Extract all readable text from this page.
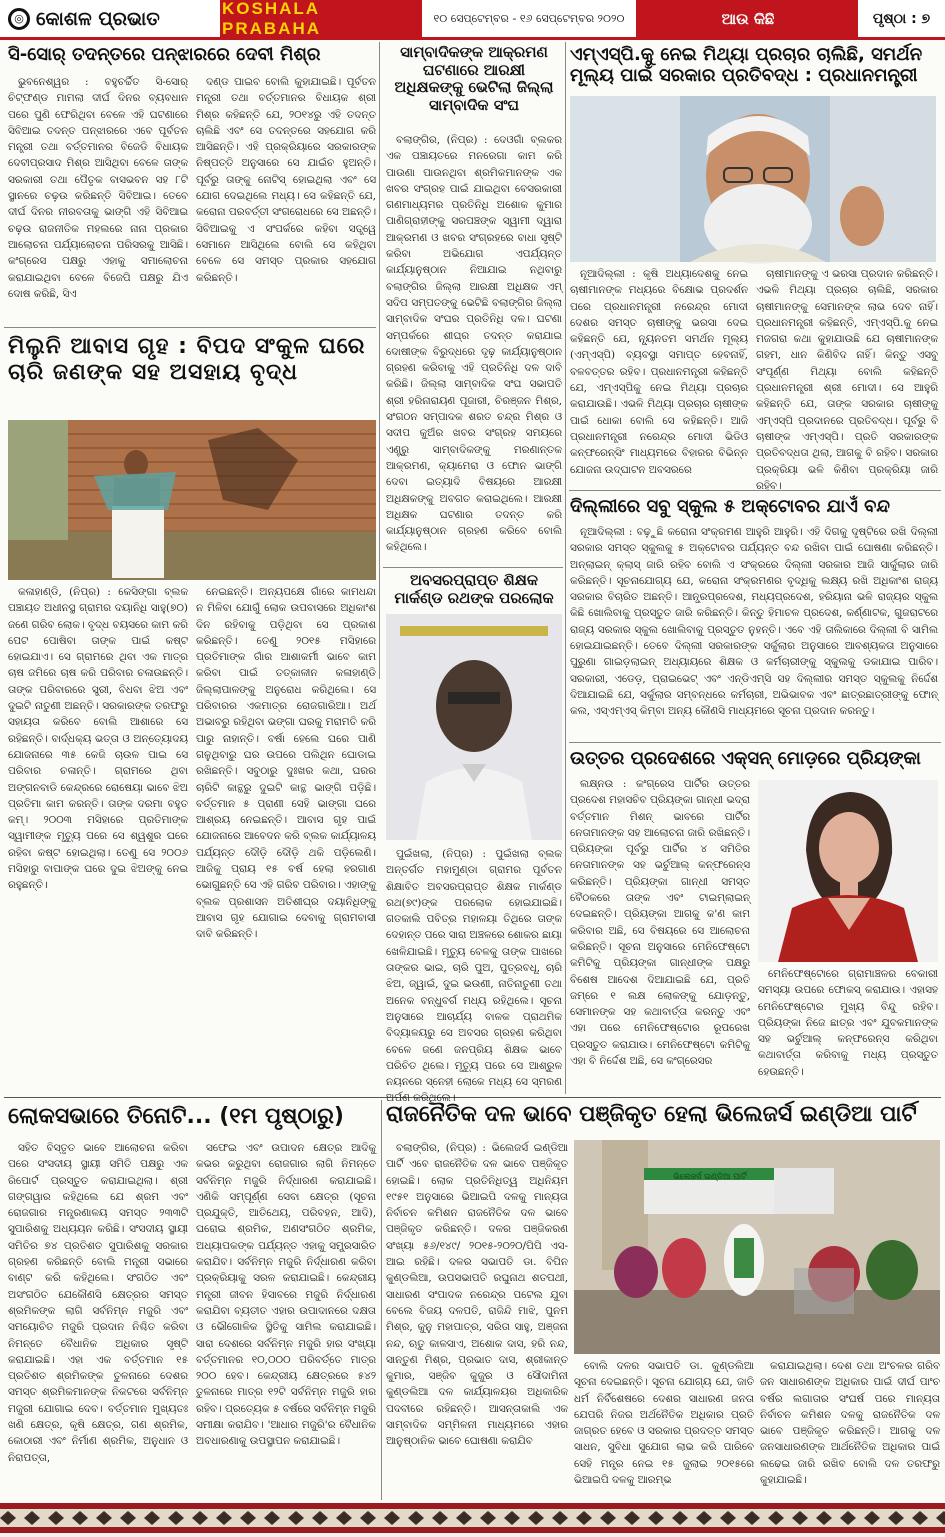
◎ କୋଶଳ ପ୍ରଭାତ	KOSHALA PRABAHA
୧୦ ସେପ୍ଟେମ୍ବର - ୧୬ ସେପ୍ଟେମ୍ବର ୨୦୨୦	ଆଉ କିଛି	ପୃଷ୍ଠା : ୭
ସି-ସୋର୍ ତଦନ୍ତରେ ପନ୍ଝାରରେ ଦେବୀ ମିଶ୍ର

ଭୁବନେଶ୍ୱର : ବହୁଚର୍ଚ୍ଚିତ ସି-ସୋର୍ ଚିଟ୍‌ଫଣ୍ଡ ମାମଲା ଦୀର୍ଘ ଦିନର ବ୍ୟବଧାନ ପରେ ପୁଣି ଫେରିଥିବା ବେଳେ ଏହି ଘଟଣାରେ ସିବିଆଇ ତଦନ୍ତ ପନ୍ଝାରରେ ଏବେ ପୂର୍ବତନ ମନ୍ତ୍ରୀ ତଥା ବର୍ତ୍ତମାନର ବିଜେଡି ବିଧାୟକ ଦେବୀପ୍ରସାଦ ମିଶ୍ର ଆସିଥିବା ବେଳେ ତାଙ୍କ ସରକାରୀ ତଥା ପୈତୃକ ବାସଭବନ ସହ ୮ଟି ସ୍ଥାନରେ ଚଢ଼ଉ କରିଛନ୍ତି ସିବିଆଇ। ତେବେ ଦୀର୍ଘ ଦିନର ନୀରବତାକୁ ଭାଙ୍ଗି ଏହି ସିବିଆଇ ଚଢ଼ଉ ରାଜନୀତିକ ମହଲରେ ନାନା ପ୍ରକାର ଆଲୋଚନା ପର୍ଯ୍ୟାଲୋଚନା ପରିସରକୁ ଆସିଛି। କଂଗ୍ରେସ ପକ୍ଷରୁ ଏହାକୁ ସମାଲୋଚନା କରାଯାଇଥିବା ବେଳେ ବିଜେପି ପକ୍ଷରୁ ଯିଏ ଦୋଷ କରିଛି, ସିଏ

ଦଣ୍ଡ ପାଇବ ବୋଲି କୁହାଯାଇଛି। ପୂର୍ବତନ ମନ୍ତ୍ରୀ ତଥା ବର୍ତ୍ତମାନର ବିଧାୟକ ଶ୍ରୀ ମିଶ୍ର କହିଛନ୍ତି ଯେ, ୨୦୧୪ରୁ ଏହି ତଦନ୍ତ ଚାଲିଛି ଏବଂ ସେ ତଦନ୍ତରେ ସହଯୋଗ କରି ଆସିଛନ୍ତି। ଏହି ପ୍ରକ୍ରିୟାରେ ସରକାରଙ୍କ ନିଷ୍ପତ୍ତି ଅନୁସାରେ ସେ ଯାଇଁଚ ହୁଅନ୍ତି। ପୂର୍ବରୁ ତାଙ୍କୁ ନୋଟିସ୍ ହୋଇଥିଲା ଏବଂ ସେ ଯୋଗ ଦେଇଥିଲେ ମଧ୍ୟ। ସେ କହିଛନ୍ତି ଯେ, କରୋନା ପରବର୍ତ୍ତୀ ସଂଗରୋଧରେ ସେ ଅଛନ୍ତି। ସିବିଆଇକୁ ଏ ସଂପର୍କରେ କହିବା ସତ୍ତ୍ୱେ ସେମାନେ ଆସିଥିଲେ ବୋଲି ସେ କହିଥିବା ବେଳେ ସେ ସମସ୍ତ ପ୍ରକାର ସହଯୋଗ କରିଛନ୍ତି।

ମିଲୁନି ଆବାସ ଗୃହ : ବିପଦ ସଂକୁଳ ଘରେ ଚାରି ଜଣଙ୍କ ସହ ଅସହାୟ ବୃଦ୍ଧ

କଳାହାଣ୍ଡି, (ନିପ୍ର) : କେସିଙ୍ଗା ବ୍ଲକ ପଞ୍ଚାୟତ ଅଧୀନସ୍ଥ ଗ୍ରାମର ଦୟାନିଧି ସାହୁ(୭୦) ଜଣେ ଗରିବ ଲୋକ। ବୃଦ୍ଧ ବୟସରେ କାମ କରି ପେଟ ପୋଷିବା ତାଙ୍କ ପାଇଁ କଷ୍ଟ ହୋଇଯାଏ। ସେ ଗ୍ରାମରେ ଥିବା ଏକ ମାତ୍ର ଚାଷ ଜମିରେ ଚାଷ କରି ପରିବାର ଚଳାଉଛନ୍ତି। ତାଙ୍କ ପରିବାରରେ ସ୍ତ୍ରୀ, ବିଧବା ଝିଅ ଏବଂ ଦୁଇଟି ନାତୁଣୀ ଅଛନ୍ତି। ସରକାରଙ୍କ ତରଫରୁ ସହାୟତା କରିବେ ବୋଲି ଆଶାରେ ସେ ରହିଛନ୍ତି। ବାର୍ଦ୍ଧକ୍ୟ ଭତ୍ତା ଓ ଅନ୍ତ୍ୟୋଦୟ ଯୋଜନାରେ ୩୫ କେଜି ଚାଉଳ ପାଇ ସେ ପରିବାର ଚଳାନ୍ତି। ଗ୍ରାମରେ ଥିବା ଅଙ୍ଗନବାଡି କେନ୍ଦ୍ରରେ ରୋଷେୟା ଭାବେ ଝିଅ ପ୍ରତିମା କାମ କରନ୍ତି। ତାଙ୍କ ଦରମା ବହୁତ କମ୍। ୨୦୦୩ ମସିହାରେ ପ୍ରତିମାଙ୍କ ସ୍ୱାମୀଙ୍କ ମୃତ୍ୟୁ ପରେ ସେ ଶ୍ୱଶୁର ଘରେ ରହିବା କଷ୍ଟ ହୋଇଥିଲା। ତେଣୁ ସେ ୨୦୦୬ ମସିହାରୁ ବାପାଙ୍କ ଘରେ ଦୁଇ ଝିଅଙ୍କୁ ନେଇ ରହୁଛନ୍ତି।

ନେଇଛନ୍ତି। ଅନ୍ୟପକ୍ଷେ ଗାଁରେ କାମଧନ୍ଦା ନ ମିଳିବା ଯୋଗୁଁ ଲୋକ ଉପବାସରେ ଅଧିକାଂଶ ଦିନ ରହିବାକୁ ପଡ଼ିଥିବା ସେ ପ୍ରକାଶ କରିଛନ୍ତି। ତେଣୁ ୨୦୧୫ ମସିହାରେ ପ୍ରତିମାଙ୍କ ଗାଁର ଆଶାକର୍ମୀ ଭାବେ କାମ କରିବା ପାଇଁ ତତ୍କାଳୀନ କଳାହାଣ୍ଡି ଜିଲ୍ଲାପାଳଙ୍କୁ ଅନୁରୋଧ କରିଥିଲେ। ସେ ପରିବାରର ଏକମାତ୍ର ରୋଜଗାରିଆ। ଅର୍ଥ ଅଭାବରୁ ରହିଥିବା ଭଙ୍ଗା ଘରକୁ ମରାମତି କରି ପାରୁ ନାହାନ୍ତି। ବର୍ଷା ହେଲେ ଘରେ ପାଣି ଗଳୁଥିବାରୁ ଘର ଉପରେ ପଲିଥିନ ଘୋଡାଇ ରଖିଛନ୍ତି। ସବୁଠାରୁ ଦୁଃଖର କଥା, ଘରର ଚାରିଟି କାନ୍ଥରୁ ଦୁଇଟି କାନ୍ଥ ଭାଙ୍ଗି ପଡ଼ିଛି। ବର୍ତ୍ତମାନ ୫ ପ୍ରାଣୀ ସେହି ଭାଙ୍ଗା ଘରେ ଆଶ୍ରୟ ନେଇଛନ୍ତି। ଆବାସ ଗୃହ ପାଇଁ ଯୋଜନାରେ ଆବେଦନ କରି ବ୍ଲକ କାର୍ଯ୍ୟାଳୟ ପର୍ଯ୍ୟନ୍ତ ଦୌଡ଼ି ଦୌଡ଼ି ଥକି ପଡ଼ିଲେଣି। ଆଜିକୁ ପ୍ରାୟ ୧୫ ବର୍ଷ ହେଲା ହରଗାଣ ଭୋଗୁଛନ୍ତି ସେ ଏହି ଗରିବ ପରିବାର। ଏହାଙ୍କୁ ବ୍ଲକ ପ୍ରଶାସନ ଅତିଶୀଘ୍ର ଦୟାନିଧିଙ୍କୁ ଆବାସ ଗୃହ ଯୋଗାଇ ଦେବାକୁ ଗ୍ରାମବାସୀ ଦାବି କରିଛନ୍ତି।

ସାମ୍ବାଦିକଙ୍କ ଆକ୍ରମଣ ଘଟଣାରେ ଆରକ୍ଷୀ ଅଧିକ୍ଷକଙ୍କୁ ଭେଟିଲା ଜିଲ୍ଲା ସାମ୍ବାଦିକ ସଂଘ

ବଲାଙ୍ଗିର, (ନିପ୍ର) : ଦେଓଗାଁ ବ୍ଲକର ଏକ ପଞ୍ଚାୟତରେ ମନରେଗା କାମ କରି ପାଉଣା ପାଉନଥିବା ଶ୍ରମିକମାନଙ୍କ ଏକ ଖବର ସଂଗ୍ରହ ପାଇଁ ଯାଇଥିବା ବେସରକାରୀ ଗଣମାଧ୍ୟମର ପ୍ରତିନିଧି ଅଶୋକ କୁମାର ପାଣିଗ୍ରାହୀଙ୍କୁ ସରପଞ୍ଚଙ୍କ ସ୍ୱାମୀ ଦ୍ୱାରା ଆକ୍ରମଣ ଓ ଖବର ସଂଗ୍ରହରେ ବାଧା ସୃଷ୍ଟି କରିବା ଅଭିଯୋଗ ଏପର୍ଯ୍ୟନ୍ତ କାର୍ଯ୍ୟାନୁଷ୍ଠାନ ନିଆଯାଇ ନଥିବାରୁ ବଲାଙ୍ଗିର ଜିଲ୍ଲା ଆରକ୍ଷୀ ଅଧିକ୍ଷକ ଏମ୍ ସଦିପ ସମ୍ପତଙ୍କୁ ଭେଟିଛି ବଲାଙ୍ଗିର ଜିଲ୍ଲା ସାମ୍ବାଦିକ ସଂଘର ପ୍ରତିନିଧି ଦଳ। ଘଟଣା ସମ୍ପର୍କରେ ଶୀଘ୍ର ତଦନ୍ତ କରାଯାଇ ଦୋଷୀଙ୍କ ବିରୁଦ୍ଧରେ ଦୃଢ଼ କାର୍ଯ୍ୟାନୁଷ୍ଠାନ ଗ୍ରହଣ କରିବାକୁ ଏହି ପ୍ରତିନିଧି ଦଳ ଦାବି କରିଛି। ଜିଲ୍ଲା ସାମ୍ବାଦିକ ସଂଘ ସଭାପତି ଶ୍ରୀ ହରିନାରାୟଣ ପୂଜାରୀ, ଚିରଞ୍ଜନ ମିଶ୍ର, ସଂଗଠନ ସମ୍ପାଦକ ଶରତ ଚନ୍ଦ୍ର ମିଶ୍ର ଓ ସଦୀପ କୁଅଁର ଖବର ସଂଗ୍ରହ ସମୟରେ ଏଣ୍ଟ୍ରୁ ସାମ୍ବାଦିକଙ୍କୁ ମରଣାନ୍ତକ ଆକ୍ରମଣ, କ୍ୟାମେରା ଓ ଫୋନ ଭାଙ୍ଗି ଦେବା ଇତ୍ୟାଦି ବିଷୟରେ ଆରକ୍ଷୀ ଅଧିକ୍ଷକଙ୍କୁ ଅବଗତ କରାଇଥିଲେ। ଆରକ୍ଷୀ ଅଧିକ୍ଷକ ଘଟଣାର ତଦନ୍ତ କରି କାର୍ଯ୍ୟାନୁଷ୍ଠାନ ଗ୍ରହଣ କରିବେ ବୋଲି କହିଥିଲେ।

ଅବସରପ୍ରାପ୍ତ ଶିକ୍ଷକ ମାର୍କଣ୍ଡ ରଥଙ୍କ ପରଲୋକ

ପୁଇଁଖଲା, (ନିପ୍ର) : ପୁଇଁଖଲା ବ୍ଲକ ଅନ୍ତର୍ଗତ ମହାମୁଣ୍ଡା ଗ୍ରାମର ପୂର୍ବତନ ଶିକ୍ଷାବିତ ଅବସରପ୍ରାପ୍ତ ଶିକ୍ଷକ ମାର୍କଣ୍ଡ ରଥ(୭୯)ଙ୍କ ପରଲୋକ ହୋଇଯାଇଛି। ଗତକାଲି ପବିତ୍ର ମହାଳୟା ତିଥିରେ ତାଙ୍କ ଦେହାନ୍ତ ପରେ ସାରା ଅଞ୍ଚଳରେ ଶୋକର ଛାୟା ଖେଳିଯାଇଛି। ମୃତ୍ୟୁ ବେଳକୁ ତାଙ୍କ ପାଖରେ ତାଙ୍କର ଭାଇ, ଚାରି ପୁଅ, ପୁତ୍ରବଧୂ, ଚାରି ଝିଅ, ଜ୍ୱାଇଁ, ଦୁଇ ଭଉଣୀ, ନାତିନାତୁଣୀ ତଥା ଅନେକ ବନ୍ଧୁବର୍ଗ ମଧ୍ୟ ରହିଥିଲେ। ସୂଚନା ଅନୁସାରେ ଆଚାର୍ଯ୍ୟ ବାଳକ ପ୍ରାଥମିକ ବିଦ୍ୟାଳୟରୁ ସେ ଅବସର ଗ୍ରହଣ କରିଥିବା ବେଳେ ଜଣେ ଜନପ୍ରିୟ ଶିକ୍ଷକ ଭାବେ ପରିଚିତ ଥିଲେ। ମୃତ୍ୟୁ ପରେ ସେ ଆଶ୍ରୁଳ ନୟନରେ ସ୍ନେହୀ ଲୋକେ ମଧ୍ୟ ସେ ସ୍ମରଣ ଅର୍ପଣ କରିଥିଲେ।

ଏମ୍‌ଏସ୍‌ପି.କୁ ନେଇ ମିଥ୍ୟା ପ୍ରଚାର ଚାଲିଛି, ସମର୍ଥନ ମୂଲ୍ୟ ପାଇଁ ସରକାର ପ୍ରତିବଦ୍ଧ : ପ୍ରଧାନମନ୍ତ୍ରୀ

ନୂଆଦିଲ୍ଲୀ : କୃଷି ଅଧ୍ୟାଦେଶକୁ ନେଇ ଚାଷୀମାନଙ୍କ ମଧ୍ୟରେ ବିକ୍ଷୋଭ ପ୍ରଦର୍ଶନ ପରେ ପ୍ରଧାନମନ୍ତ୍ରୀ ନରେନ୍ଦ୍ର ମୋଦୀ ଦେଶର ସମସ୍ତ ଚାଷୀଙ୍କୁ ଭରସା ଦେଇ କହିଛନ୍ତି ଯେ, ନ୍ୟୂନତମ ସମର୍ଥନ ମୂଲ୍ୟ (ଏମ୍‌ଏସ୍‌ପି) ବ୍ୟବସ୍ଥା ସମାପ୍ତ ହେବନାହିଁ, ବଳବତ୍ତର ରହିବ। ପ୍ରଧାନମନ୍ତ୍ରୀ କହିଛନ୍ତି ଯେ, ଏମ୍‌ଏସ୍‌ପିକୁ ନେଇ ମିଥ୍ୟା ପ୍ରଚାର କରାଯାଉଛି। ଏଭଳି ମିଥ୍ୟା ପ୍ରଚାର ଚାଷୀଙ୍କ ପାଇଁ ଧୋକା ବୋଲି ସେ କହିଛନ୍ତି। ଆଜି ପ୍ରଧାନମନ୍ତ୍ରୀ ନରେନ୍ଦ୍ର ମୋଦୀ ଭିଡିଓ କନ୍‌ଫରେନ୍ସିଂ ମାଧ୍ୟମରେ ବିହାରର ବିଭିନ୍ନ ଯୋଜନା ଉଦ୍‌ଘାଟନ ଅବସରରେ

ଚାଷୀମାନଙ୍କୁ ଏ ଭରସା ପ୍ରଦାନ କରିଛନ୍ତି। ଏଭଳି ମିଥ୍ୟା ପ୍ରଚାର ଚାଲିଛି, ସରକାର ଚାଷୀମାନଙ୍କୁ ସେମାନଙ୍କ ଲାଭ ଦେବ ନାହିଁ। ପ୍ରଧାନମନ୍ତ୍ରୀ କହିଛନ୍ତି, ଏମ୍‌ଏସ୍‌ପି.କୁ ନେଇ ମଜଗରା କଥା କୁହାଯାଉଛି ଯେ ଚାଷୀମାନଙ୍କ ଗହମ, ଧାନ କିଣିବିଦ ନାହିଁ। କିନ୍ତୁ ଏସବୁ ସଂପୂର୍ଣ୍ଣ ମିଥ୍ୟା ବୋଲି କହିଛନ୍ତି ପ୍ରଧାନମନ୍ତ୍ରୀ ଶ୍ରୀ ମୋଦୀ। ସେ ଆହୁରି କହିଛନ୍ତି ଯେ, ତାଙ୍କ ସରକାର ଚାଷୀଙ୍କୁ ଏମ୍‌ଏସ୍‌ପି ପ୍ରଦାନରେ ପ୍ରତିବଦ୍ଧ। ପୂର୍ବରୁ ବି ଚାଷୀଙ୍କ ଏମ୍‌ଏସ୍‌ପି। ପ୍ରତି ସରକାରଙ୍କ ପ୍ରତିବଦ୍ଧତା ଥିଲା, ଆଗକୁ ବି ରହିବ। ସରକାର ପ୍ରକ୍ରିୟା ଭଳି କିଣିବା ପ୍ରକ୍ରିୟା ଜାରି ରହିବ।

ଦିଲ୍ଲୀରେ ସବୁ ସ୍କୁଲ ୫ ଅକ୍ଟୋବର ଯାଏଁ ବନ୍ଦ

ନୂଆଦିଲ୍ଲୀ : ବଢ଼ୁଛି କରୋନା ସଂକ୍ରମଣ ଆହୁରି ଆହୁରି। ଏହି ଦିଗକୁ ଦୃଷ୍ଟିରେ ରଖି ଦିଲ୍ଲୀ ସରକାର ସମସ୍ତ ସ୍କୁଲକୁ ୫ ଅକ୍ଟୋବର ପର୍ଯ୍ୟନ୍ତ ବନ୍ଦ ରଖିବା ପାଇଁ ଘୋଷଣା କରିଛନ୍ତି। ଅନ୍‌ଲାଇନ୍ କ୍ଲାସ୍ ଜାରି ରହିବ ବୋଲି ଏ ସଂକ୍ରରେ ଦିଲ୍ଲୀ ସରକାର ଆଜି ସାର୍କୁଲାର ଜାରି କରିଛନ୍ତି। ସୂଚନାଯୋଗ୍ୟ ଯେ, କରୋନା ସଂକ୍ରମଣର ବୃଦ୍ଧିକୁ ଲକ୍ଷ୍ୟ ରଖି ଅଧିକାଂଶ ରାଜ୍ୟ ସରକାର ବିଚାରିତ ଅଛନ୍ତି। ଆନ୍ଧ୍ରପ୍ରଦେଶ, ମଧ୍ୟପ୍ରଦେଶ, ହରିୟାନା ଭଳି ରାଜ୍ୟର ସ୍କୁଲ କିଛି ଖୋଲିବାକୁ ପ୍ରସ୍ତୁତ ଜାରି କରିଛନ୍ତି। କିନ୍ତୁ ହିମାଚଳ ପ୍ରଦେଶ, କର୍ଣ୍ଣାଟକ, ଗୁଜରାଟରେ ରାଜ୍ୟ ସରକାର ସ୍କୁଲ ଖୋଲିବାକୁ ପ୍ରସ୍ତୁତ ନୁହନ୍ତି। ଏବେ ଏହି ତାଲିକାରେ ଦିଲ୍ଲୀ ବି ସାମିଲ ହୋଇଯାଇଛନ୍ତି। ତେବେ ଦିଲ୍ଲୀ ସରକାରଙ୍କ ସର୍କୁଲାର ଅନୁସାରେ ଆବଶ୍ୟକତା ଅନୁସାରେ ପୁରୁଣା ଗାଇଡ଼ଲାଇନ୍ ଅଧ୍ୟାୟରେ ଶିକ୍ଷକ ଓ କର୍ମଚାରୀଙ୍କୁ ସ୍କୁଲକୁ ଡକାଯାଇ ପାରିବ। ସରକାରୀ, ଏଡେଡ଼, ପ୍ରାଇଭେଟ୍ ଏବଂ ଏନ୍‌ଡିଏମ୍‌ସି ସହ ଦିଲ୍ଲୀର ସମସ୍ତ ସ୍କୁଲକୁ ନିର୍ଦ୍ଦେଶ ଦିଆଯାଇଛି ଯେ, ସର୍କୁଲାର ସମ୍ବନ୍ଧରେ କର୍ମଚାରୀ, ଅଭିଭାବକ ଏବଂ ଛାତ୍ରଛାତ୍ରୀଙ୍କୁ ଫୋନ୍ କଲ, ଏସ୍‌ଏମ୍‌ଏସ୍ କିମ୍ବା ଅନ୍ୟ କୌଣସି ମାଧ୍ୟମରେ ସୂଚନା ପ୍ରଦାନ କରନ୍ତୁ।

ଉତ୍ତର ପ୍ରଦେଶରେ ଏକ୍ସନ୍ ମୋଡ଼ରେ ପ୍ରିୟଙ୍କା

ଲକ୍ଷ୍ନଉ : କଂଗ୍ରେସ ପାର୍ଟିର ଉତ୍ତର ପ୍ରଦେଶ ମହାସଚିବ ପ୍ରିୟଙ୍କା ଗାନ୍ଧୀ ଭଦ୍ରା ବର୍ତ୍ତମାନ ମିଶନ୍ ଭାବରେ ପାର୍ଟିର ନେତାମାନଙ୍କ ସହ ଆଲୋଚନା ଜାରି ରଖିଛନ୍ତି। ପ୍ରିୟଙ୍କା ପୂର୍ବରୁ ପାର୍ଟିର ୪ ସମିତିର ନେତାମାନଙ୍କ ସହ ଭର୍ଚୁଆଲ୍ କନ୍‌ଫରେନ୍ସ କରିଛନ୍ତି। ପ୍ରିୟଙ୍କା ଗାନ୍ଧୀ ସମସ୍ତ ବୈଠକରେ ତାଙ୍କ ଏବଂ ଟାଇମ୍‌ଲାଇନ୍ ଦେଇଛନ୍ତି। ପ୍ରିୟଙ୍କା ଆଗକୁ କ'ଣ କାମ କରିବାର ଅଛି, ସେ ବିଷୟରେ ସେ ଆଲୋଚନା କରିଛନ୍ତି। ସୂଚନା ଅନୁସାରେ ମେନିଫେଷ୍ଟୋ କମିଟିକୁ ପ୍ରିୟଙ୍କା ଗାନ୍ଧୀଙ୍କ ପକ୍ଷରୁ ବିଶେଷ ଆଦେଶ ଦିଆଯାଇଛି ଯେ, ପ୍ରତି ଜମ୍‌ରେ ୧ ଲକ୍ଷ ଲୋକଙ୍କୁ ଯୋଡ଼ନ୍ତୁ, ସେମାନଙ୍କ ସହ କଥାବାର୍ତ୍ତା କରନ୍ତୁ ଏବଂ ଏହା ପରେ ମେନିଫେଷ୍ଟୋର ରୂପରେଖ ପ୍ରସ୍ତୁତ କରାଯାଉ। ମେନିଫେଷ୍ଟୋ କମିଟିକୁ ଏହା ବି ନିର୍ଦ୍ଦେଶ ଅଛି, ସେ କଂଗ୍ରେସର

ମେନିଫେଷ୍ଟୋରେ ଗ୍ରାମାଞ୍ଚଳର ବେକାରୀ ସମସ୍ୟା ଉପରେ ଫୋକସ୍ କରାଯାଉ। ଏହାସହ ମେନିଫେଷ୍ଟୋର ମୁଖ୍ୟ ବିନ୍ଦୁ ରହିବ। ପ୍ରିୟଙ୍କା ନିଜେ ଛାତ୍ର ଏବଂ ଯୁବକମାନଙ୍କ ସହ ଭର୍ଚୁଆଲ୍ କନ୍‌ଫରେନ୍ସ କରିଥିବା କଥାବାର୍ତ୍ତା କରିବାକୁ ମଧ୍ୟ ପ୍ରସ୍ତୁତ ହେଉଛନ୍ତି।

ଲୋକସଭାରେ ତିନୋଟି... (୧ମ ପୃଷ୍ଠାରୁ)

ସହିତ ବିସ୍ତୃତ ଭାବେ ଆଲୋଚନା କରିବା ପରେ ସଂସଦୀୟ ସ୍ଥାୟୀ ସମିତି ପକ୍ଷରୁ ଏକ ରିପୋର୍ଟ ପ୍ରସ୍ତୁତ କରାଯାଇଥିଲା। ଶ୍ରୀ ଗଙ୍ଗୱାର କହିଥିଲେ ଯେ ଶ୍ରମ ଏବଂ ରୋଜଗାର ମନ୍ତ୍ରଣାଳୟ ସମସ୍ତ ୨୩୩ଟି ସୁପାରିଶକୁ ଅଧ୍ୟୟନ କରିଛି। ସଂସଦୀୟ ସ୍ଥାୟୀ ସମିତିର ୭୪ ପ୍ରତିଶତ ସୁପାରିଶକୁ ସରକାର ଗ୍ରହଣ କରିଛନ୍ତି ବୋଲି ମନ୍ତ୍ରୀ ସଭାରେ ବାଣ୍ଟ କରି କହିଥିଲେ। ସଂଗଠିତ ଏବଂ ଅସଂଗଠିତ ଯେକୌଣସି କ୍ଷେତ୍ରର ସମସ୍ତ ଶ୍ରମିକଙ୍କ ଲାଗି ସର୍ବନିମ୍ନ ମଜୁରି ଏବଂ ସମୟୋଚିତ ମଜୁରି ପ୍ରଦାନ ନିଶ୍ଚିତ କରିବା ନିମନ୍ତେ ବୈଧାନିକ ଅଧିକାର ସୃଷ୍ଟି କରାଯାଇଛି। ଏହା ଏକ ବର୍ତ୍ତମାନ ୧୫ ପ୍ରତିଶତ ଶ୍ରମିକଙ୍କ ତୁଳନାରେ ଦେଶର ସମସ୍ତ ଶ୍ରମିକମାନଙ୍କ ନିକଟରେ ସର୍ବନିମ୍ନ ମଜୁରୀ ଯୋଗାଇ ଦେବ। ବର୍ତ୍ତମାନ ମୁଖ୍ୟତଃ ଖଣି କ୍ଷେତ୍ର, କୃଷି କ୍ଷେତ୍ର, ଗଣ ଶ୍ରମିକ, କୋଠାରୀ ଏବଂ ନିର୍ମାଣ ଶ୍ରମିକ, ଅନୁଧାନ ଓ ନିରାପତ୍ତା,

ସଫେଇ ଏବଂ ଉପାଦନ କ୍ଷେତ୍ର ଆଦିକୁ କଭର କରୁଥିବା ରୋଜଗାର ଲାଗି ନିମନ୍ତେ ସର୍ବନିମ୍ନ ମଜୁରି ନିର୍ଦ୍ଧାରଣ କରାଯାଇଛି। ଏଣିକି ସମ୍ପୂର୍ଣ୍ଣ ସେବା କ୍ଷେତ୍ର (ସୂଚନା ପ୍ରଯୁକ୍ତି, ଆତିଥେୟ, ପରିବହନ, ଆଦି), ଘରୋଇ ଶ୍ରମିକ, ଅଣସଂଗଠିତ ଶ୍ରମିକ, ଅଧ୍ୟାପକଙ୍କ ପର୍ଯ୍ୟନ୍ତ ଏହାକୁ ସମ୍ପ୍ରସାରିତ କରାଯିବ। ସର୍ବନିମ୍ନ ମଜୁରି ନିର୍ଦ୍ଧାରଣ କରିବା ପ୍ରକ୍ରିୟାକୁ ସରଳ କରାଯାଇଛି। କେନ୍ଦ୍ରୀୟ ମନ୍ତ୍ରୀ ଜୀବନ ହିସାବରେ ମଜୁରି ନିର୍ଦ୍ଧାରଣ କରାଯିବା ବ୍ୟତୀତ ଏହାର ଉପାଦାନରେ ଦକ୍ଷତା ଓ ଭୌଗୋଳିକ ସ୍ଥିତିକୁ ସାମିଲ କରାଯାଇଛି। ସାରା ଦେଶରେ ସର୍ବନିମ୍ନ ମଜୁରି ହାର ସଂଖ୍ୟା ବର୍ତ୍ତମାନର ୧୦,୦୦୦ ପରିବର୍ତ୍ତେ ମାତ୍ର ୨୦୦ ହେବ। କେନ୍ଦ୍ରୀୟ କ୍ଷେତ୍ରରେ ୫୪୨ ତୁଳନାରେ ମାତ୍ର ୧୨ଟି ସର୍ବନିମ୍ନ ମଜୁରି ହାର ରହିବ। ପ୍ରତ୍ୟେକ ୫ ବର୍ଷରେ ସର୍ବନିମ୍ନ ମଜୁରି ସମୀକ୍ଷା କରାଯିବ। 'ଆଧାର ମଜୁରି'ର ବୈଧାନିକ ଅବଧାରଣାକୁ ଉପସ୍ଥାପନ କରାଯାଇଛି।

ରାଜନୈତିକ ଦଳ ଭାବେ ପଞ୍ଜିକୃତ ହେଲା ଭିଲେଜର୍ସ ଇଣ୍ଡିଆ ପାର୍ଟି

ବଲାଙ୍ଗିର, (ନିପ୍ର) : ଭିଲେଜର୍ସ ଇଣ୍ଡିଆ ପାର୍ଟି ଏବେ ରାଜନୈତିକ ଦଳ ଭାବେ ପଞ୍ଜିକୃତ ହୋଇଛି। ଲୋକ ପ୍ରତିନିଧିତ୍ୱ ଅଧିନିୟମ ୧୯୫୧ ଅନୁସାରେ ଭିଆଇପି ଦଳକୁ ମାନ୍ୟତା ନିର୍ବାଚନ କମିଶନ ରାଜନୈତିକ ଦଳ ଭାବେ ପଞ୍ଜିକୃତ କରିଛନ୍ତି। ଦଳର ପଞ୍ଜିକରଣ ସଂଖ୍ୟା ୫୬/୧୪୯/ ୨୦୧୫-୨୦୨୦/ପିପି ଏସ-ଆଇ ରହିଛି। ଦଳର ସଭାପତି ଡା. ବିପିନ କୁଣ୍ଡଲିଆ, ଉପସଭାପତି ରଘୁନାଥ ଶତପଥୀ, ସାଧାରଣ ସଂପାଦକ ନରେନ୍ଦ୍ର ପଟେଲ ଯୁବା ବେଲେ ବିଜୟ ଦଳପତି, ରାଜିନ୍ଦି ମାଝି, ପୁନମ ମିଶ୍ର, କୁନୁ ମହାପାତ୍ର, ସରିତା ସାହୁ, ଅଞ୍ଜନା ନନ୍ଦ, ଋତୁ କାଳସାଏ, ଅଶୋକ ଦାସ, ହରି ନନ୍ଦ, ସାନ୍ତୁଣ ମିଶ୍ର, ପ୍ରଭାତ ଦାସ, ଶ୍ରୀକାନ୍ତ କୁମାର, ସଞ୍ଜିବ କୁଜୁର ଓ ସୌଦାମିନୀ କୁଣ୍ଡଲିଆ ଦଳ କାର୍ଯ୍ୟାଳୟର ଅଧିକାରିକ ପଦବୀରେ ରହିଛନ୍ତି। ଆସନ୍ତାକାଲି ଏକ ସାମ୍ବାଦିକ ସମ୍ମିଳନୀ ମାଧ୍ୟମରେ ଏହାର ଆନୁଷ୍ଠାନିକ ଭାବେ ଘୋଷଣା କରାଯିବ

ଭିଲେଜର୍ସ ଇଣ୍ଡିଆ ପାର୍ଟି

ବୋଲି ଦଳର ସଭାପତି ଡା. କୁଣ୍ଡଲିଆ ସୂଚନା ଦେଇଛନ୍ତି। ସୂଚନା ଯୋଗ୍ୟ ଯେ, ଜାତି ଧର୍ମ ନିର୍ବିଶେଷରେ ଦେଶର ସାଧାରଣ ଜନତା ଯେପରି ନିଜର ଅର୍ଥନୈତିକ ଅଧିକାର ପ୍ରତି ଜାଗ୍ରତ ହେବେ ଓ ସରକାର ପ୍ରଦତ୍ତ ସମସ୍ତ ସାଧନ, ସୁବିଧା ସୁଯୋଗ ଲାଭ କରି ପାରିବେ ସେହି ମନ୍ତ୍ର ନେଇ ୧୫ ଜୁଲାଇ ୨୦୧୫ରେ ଭିଆଇପି ଦଳକୁ ଆରମ୍ଭ

କରାଯାଇଥିଲା। ଦେଶ ତଥା ଅଂଚଳର ଗରିବ ଜନ ସାଧାରଣଙ୍କ ଅଧିକାର ପାଇଁ ଦୀର୍ଘ ପାଂଚ ବର୍ଷର ଲଗାତାର ସଂଘର୍ଷ ପରେ ମାନ୍ୟତା ନିର୍ବାଚନ କମିଶନ ଦଳକୁ ରାଜନୈତିକ ଦଳ ଭାବେ ପଞ୍ଜିକୃତ କରିଛନ୍ତି। ଆଗକୁ ଦଳ ଜନସାଧାରଣଙ୍କ ଆର୍ଥନୈତିକ ଅଧିକାର ପାଇଁ ଲଢେଇ ଜାରି ରଖିବ ବୋଲି ଦଳ ତରଫରୁ କୁହାଯାଇଛି।
